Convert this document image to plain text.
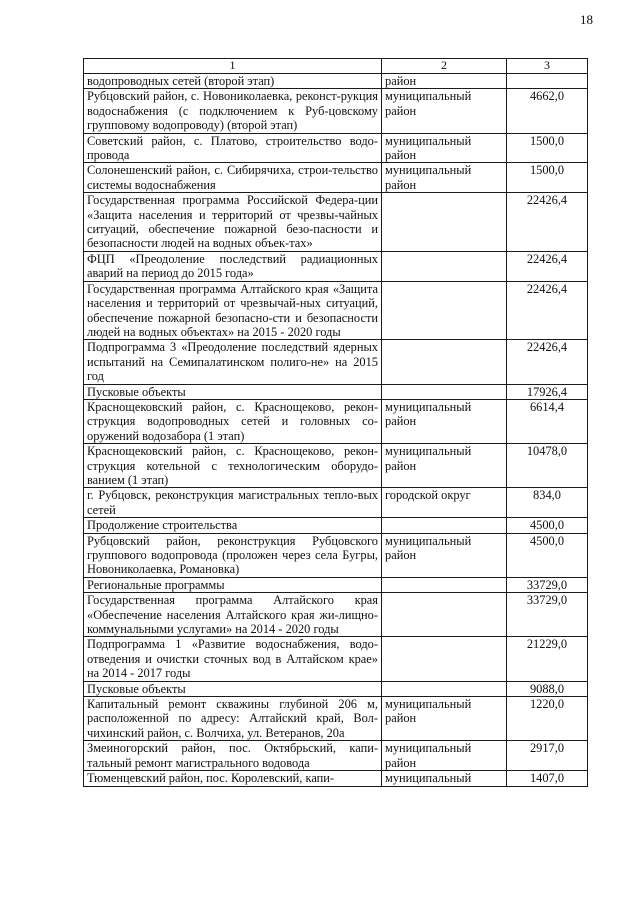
18
1	2	3
водопроводных сетей (второй этап)	район	
Рубцовский район, с. Новониколаевка, реконст-рукция водоснабжения (с подключением к Руб-цовскому групповому водопроводу) (второй этап)	муниципальный район	4662,0
Советский район, с. Платово, строительство водо-провода	муниципальный район	1500,0
Солонешенский район, с. Сибирячиха, строи-тельство системы водоснабжения	муниципальный район	1500,0
Государственная программа Российской Федера-ции «Защита населения и территорий от чрезвы-чайных ситуаций, обеспечение пожарной безо-пасности и безопасности людей на водных объек-тах»		22426,4
ФЦП «Преодоление последствий радиационных аварий на период до 2015 года»		22426,4
Государственная программа Алтайского края «Защита населения и территорий от чрезвычай-ных ситуаций, обеспечение пожарной безопасно-сти и безопасности людей на водных объектах» на 2015 - 2020 годы		22426,4
Подпрограмма 3 «Преодоление последствий ядерных испытаний на Семипалатинском полиго-не» на 2015 год		22426,4
Пусковые объекты		17926,4
Краснощековский район, с. Краснощеково, рекон-струкция водопроводных сетей и головных со-оружений водозабора (1 этап)	муниципальный район	6614,4
Краснощековский район, с. Краснощеково, рекон-струкция котельной с технологическим оборудо-ванием (1 этап)	муниципальный район	10478,0
г. Рубцовск, реконструкция магистральных тепло-вых сетей	городской округ	834,0
Продолжение строительства		4500,0
Рубцовский район, реконструкция Рубцовского группового водопровода (проложен через села Бугры, Новониколаевка, Романовка)	муниципальный район	4500,0
Региональные программы		33729,0
Государственная программа Алтайского края «Обеспечение населения Алтайского края жи-лищно-коммунальными услугами» на 2014 - 2020 годы		33729,0
Подпрограмма 1 «Развитие водоснабжения, водо-отведения и очистки сточных вод в Алтайском крае» на 2014 - 2017 годы		21229,0
Пусковые объекты		9088,0
Капитальный ремонт скважины глубиной 206 м, расположенной по адресу: Алтайский край, Вол-чихинский район, с. Волчиха, ул. Ветеранов, 20а	муниципальный район	1220,0
Змеиногорский район, пос. Октябрьский, капи-тальный ремонт магистрального водовода	муниципальный район	2917,0
Тюменцевский район, пос. Королевский, капи-	муниципальный	1407,0
